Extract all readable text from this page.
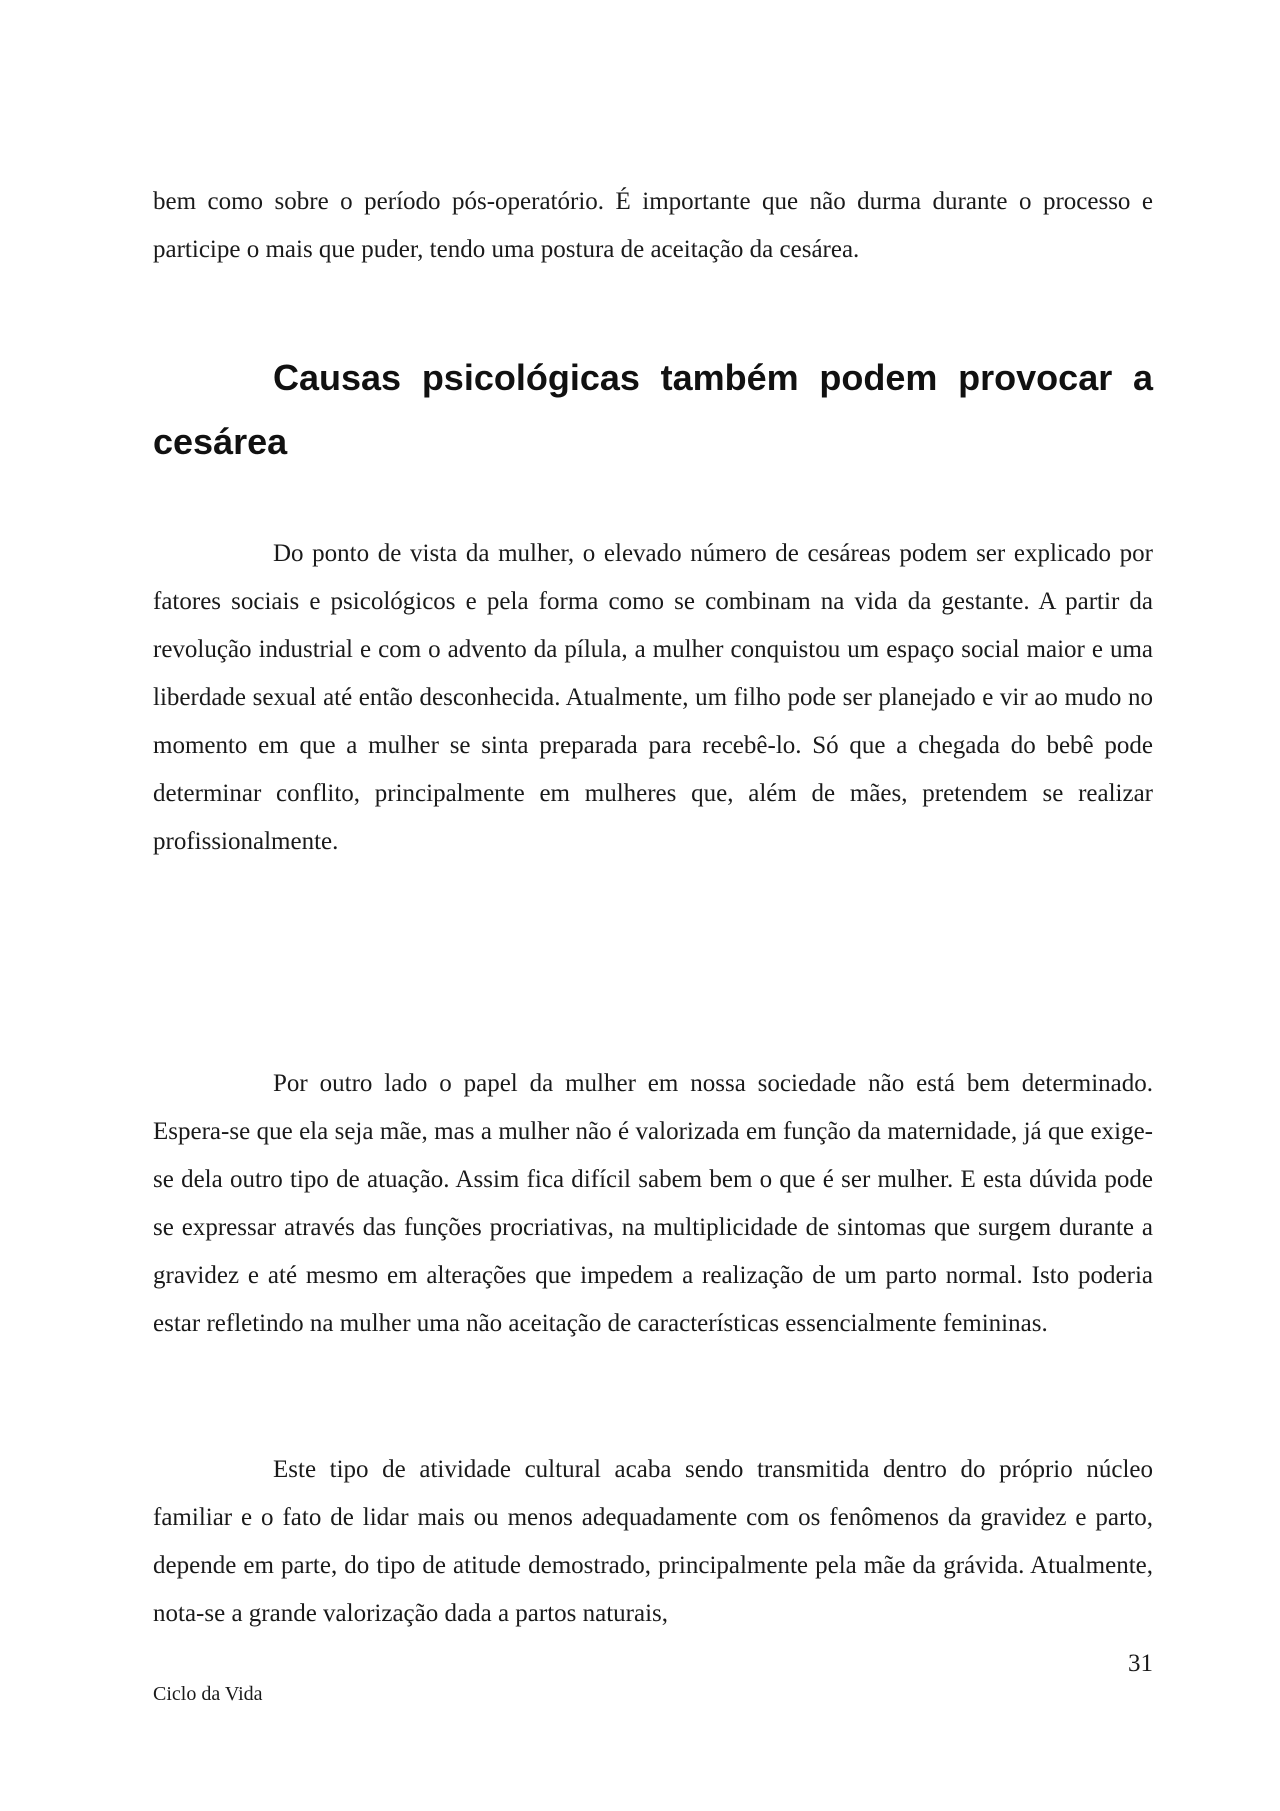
bem como sobre o período pós-operatório. É importante que não durma durante o processo e participe o mais que puder, tendo uma postura de aceitação da cesárea.

Causas psicológicas também podem provocar a cesárea

Do ponto de vista da mulher, o elevado número de cesáreas podem ser explicado por fatores sociais e psicológicos e pela forma como se combinam na vida da gestante. A partir da revolução industrial e com o advento da pílula, a mulher conquistou um espaço social maior e uma liberdade sexual até então desconhecida. Atualmente, um filho pode ser planejado e vir ao mudo no momento em que a mulher se sinta preparada para recebê-lo. Só que a chegada do bebê pode determinar conflito, principalmente em mulheres que, além de mães, pretendem se realizar profissionalmente.

Por outro lado o papel da mulher em nossa sociedade não está bem determinado. Espera-se que ela seja mãe, mas a mulher não é valorizada em função da maternidade, já que exige-se dela outro tipo de atuação. Assim fica difícil sabem bem o que é ser mulher. E esta dúvida pode se expressar através das funções procriativas, na multiplicidade de sintomas que surgem durante a gravidez e até mesmo em alterações que impedem a realização de um parto normal. Isto poderia estar refletindo na mulher uma não aceitação de características essencialmente femininas.

Este tipo de atividade cultural acaba sendo transmitida dentro do próprio núcleo familiar e o fato de lidar mais ou menos adequadamente com os fenômenos da gravidez e parto, depende em parte, do tipo de atitude demostrado, principalmente pela mãe da grávida. Atualmente, nota-se a grande valorização dada a partos naturais,

31
Ciclo da Vida
